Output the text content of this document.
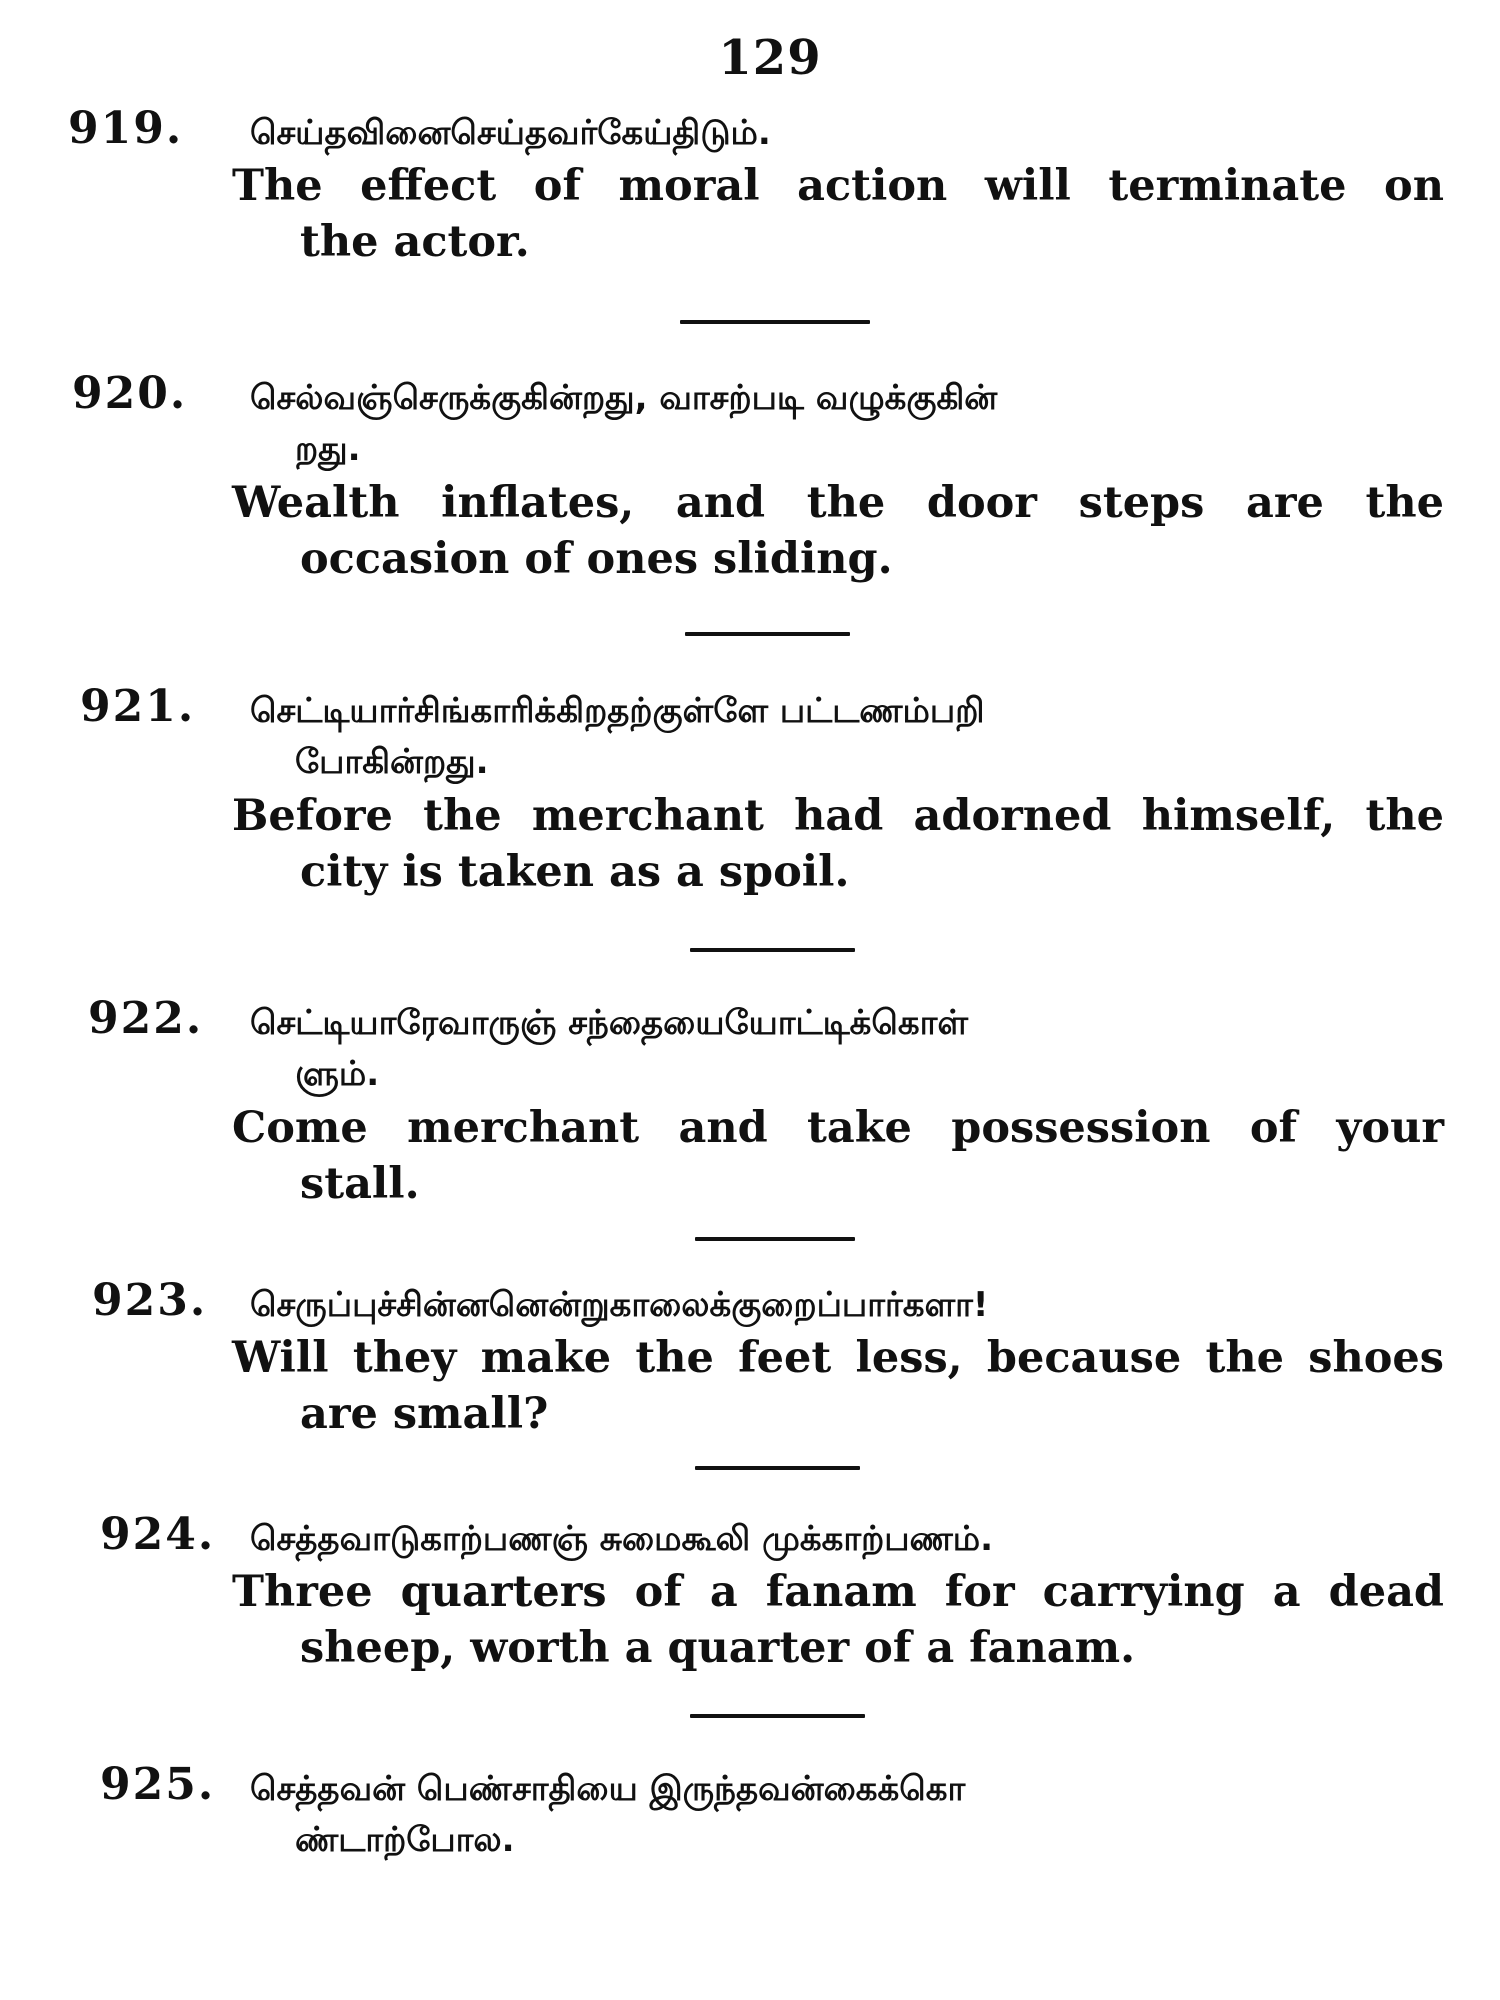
129
919. செய்தவினைசெய்தவர்கேய்திடும்.
The effect of moral action will terminate on
the actor.
920. செல்வஞ்செருக்குகின்றது, வாசற்படி வழுக்குகின்
றது.
Wealth inflates, and the door steps are the
occasion of ones sliding.
921. செட்டியார்சிங்காரிக்கிறதற்குள்ளே பட்டணம்பறி
போகின்றது.
Before the merchant had adorned himself, the
city is taken as a spoil.
922. செட்டியாரேவாருஞ் சந்தையையோட்டிக்கொள்
ளும்.
Come merchant and take possession of your
stall.
923. செருப்புச்சின்னனென்றுகாலைக்குறைப்பார்களா!
Will they make the feet less, because the shoes
are small?
924. செத்தவாடுகாற்பணஞ் சுமைகூலி முக்காற்பணம்.
Three quarters of a fanam for carrying a dead
sheep, worth a quarter of a fanam.
925. செத்தவன் பெண்சாதியை இருந்தவன்கைக்கொ
ண்டாற்போல.
